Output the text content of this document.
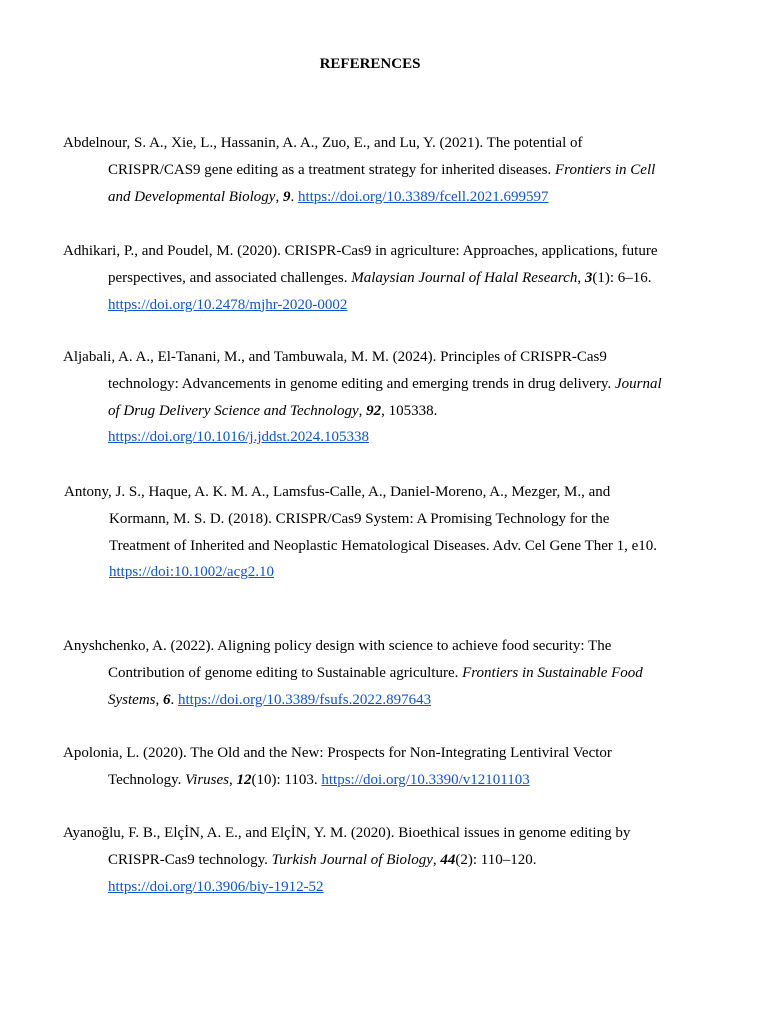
REFERENCES
Abdelnour, S. A., Xie, L., Hassanin, A. A., Zuo, E., and Lu, Y. (2021). The potential of CRISPR/CAS9 gene editing as a treatment strategy for inherited diseases. Frontiers in Cell and Developmental Biology, 9. https://doi.org/10.3389/fcell.2021.699597
Adhikari, P., and Poudel, M. (2020). CRISPR-Cas9 in agriculture: Approaches, applications, future perspectives, and associated challenges. Malaysian Journal of Halal Research, 3(1): 6–16.
https://doi.org/10.2478/mjhr-2020-0002
Aljabali, A. A., El-Tanani, M., and Tambuwala, M. M. (2024). Principles of CRISPR-Cas9 technology: Advancements in genome editing and emerging trends in drug delivery. Journal of Drug Delivery Science and Technology, 92, 105338.
https://doi.org/10.1016/j.jddst.2024.105338
Antony, J. S., Haque, A. K. M. A., Lamsfus-Calle, A., Daniel-Moreno, A., Mezger, M., and Kormann, M. S. D. (2018). CRISPR/Cas9 System: A Promising Technology for the Treatment of Inherited and Neoplastic Hematological Diseases. Adv. Cel Gene Ther 1, e10.
https://doi:10.1002/acg2.10
Anyshchenko, A. (2022). Aligning policy design with science to achieve food security: The Contribution of genome editing to Sustainable agriculture. Frontiers in Sustainable Food Systems, 6. https://doi.org/10.3389/fsufs.2022.897643
Apolonia, L. (2020). The Old and the New: Prospects for Non-Integrating Lentiviral Vector Technology. Viruses, 12(10): 1103. https://doi.org/10.3390/v12101103
Ayanoğlu, F. B., ElçİN, A. E., and ElçİN, Y. M. (2020). Bioethical issues in genome editing by CRISPR-Cas9 technology. Turkish Journal of Biology, 44(2): 110–120.
https://doi.org/10.3906/biy-1912-52
